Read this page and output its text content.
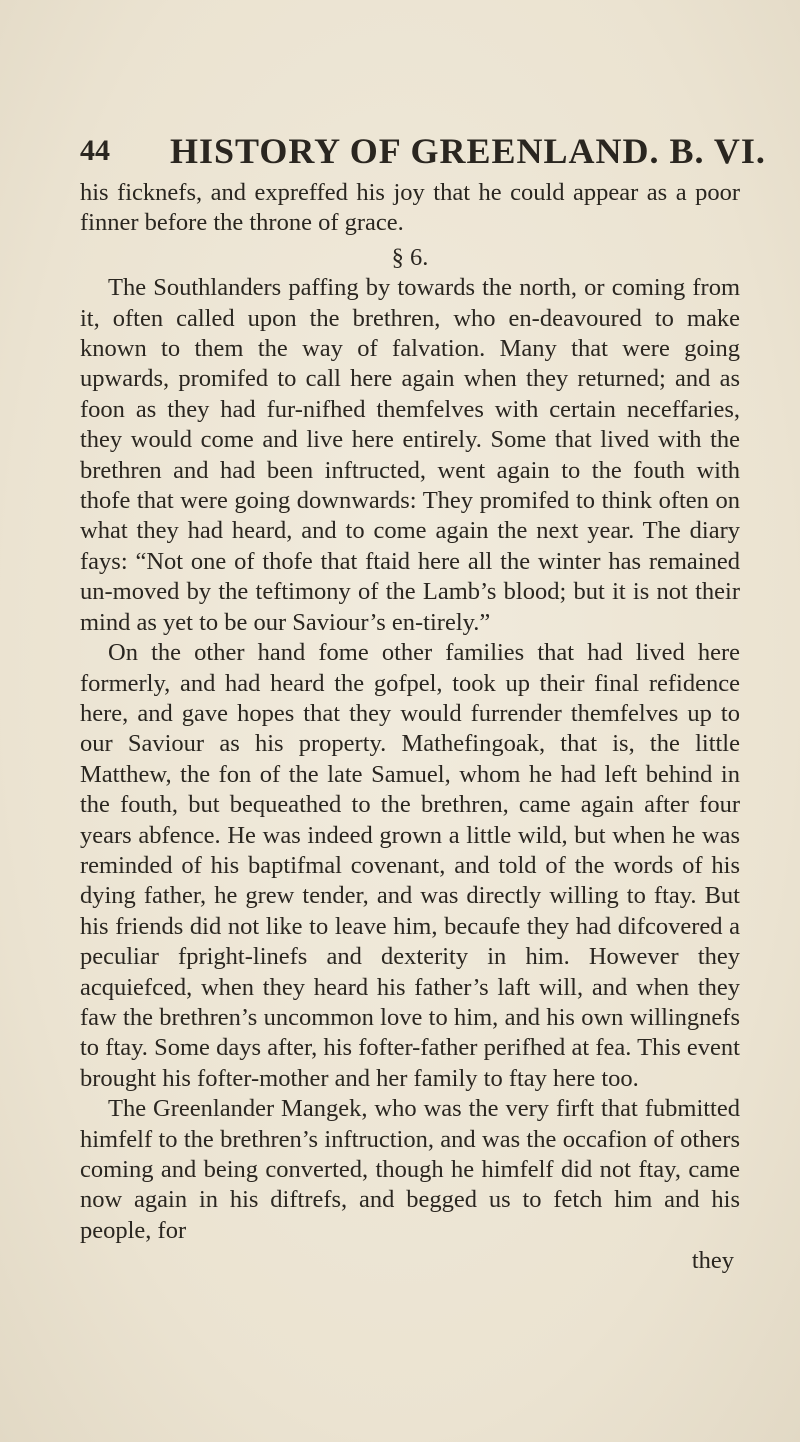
44 HISTORY OF GREENLAND. B. VI.

his ficknefs, and expreffed his joy that he could appear as a poor finner before the throne of grace.

§ 6.

The Southlanders paffing by towards the north, or coming from it, often called upon the brethren, who en-deavoured to make known to them the way of falvation. Many that were going upwards, promifed to call here again when they returned; and as foon as they had fur-nifhed themfelves with certain neceffaries, they would come and live here entirely. Some that lived with the brethren and had been inftructed, went again to the fouth with thofe that were going downwards: They promifed to think often on what they had heard, and to come again the next year. The diary fays: “Not one of thofe that ftaid here all the winter has remained un-moved by the teftimony of the Lamb’s blood; but it is not their mind as yet to be our Saviour’s en-tirely.”

On the other hand fome other families that had lived here formerly, and had heard the gofpel, took up their final refidence here, and gave hopes that they would furrender themfelves up to our Saviour as his property. Mathefingoak, that is, the little Matthew, the fon of the late Samuel, whom he had left behind in the fouth, but bequeathed to the brethren, came again after four years abfence. He was indeed grown a little wild, but when he was reminded of his baptifmal covenant, and told of the words of his dying father, he grew tender, and was directly willing to ftay. But his friends did not like to leave him, becaufe they had difcovered a peculiar fpright-linefs and dexterity in him. However they acquiefced, when they heard his father’s laft will, and when they faw the brethren’s uncommon love to him, and his own willingnefs to ftay. Some days after, his fofter-father perifhed at fea. This event brought his fofter-mother and her family to ftay here too.

The Greenlander Mangek, who was the very firft that fubmitted himfelf to the brethren’s inftruction, and was the occafion of others coming and being converted, though he himfelf did not ftay, came now again in his diftrefs, and begged us to fetch him and his people, for

they
